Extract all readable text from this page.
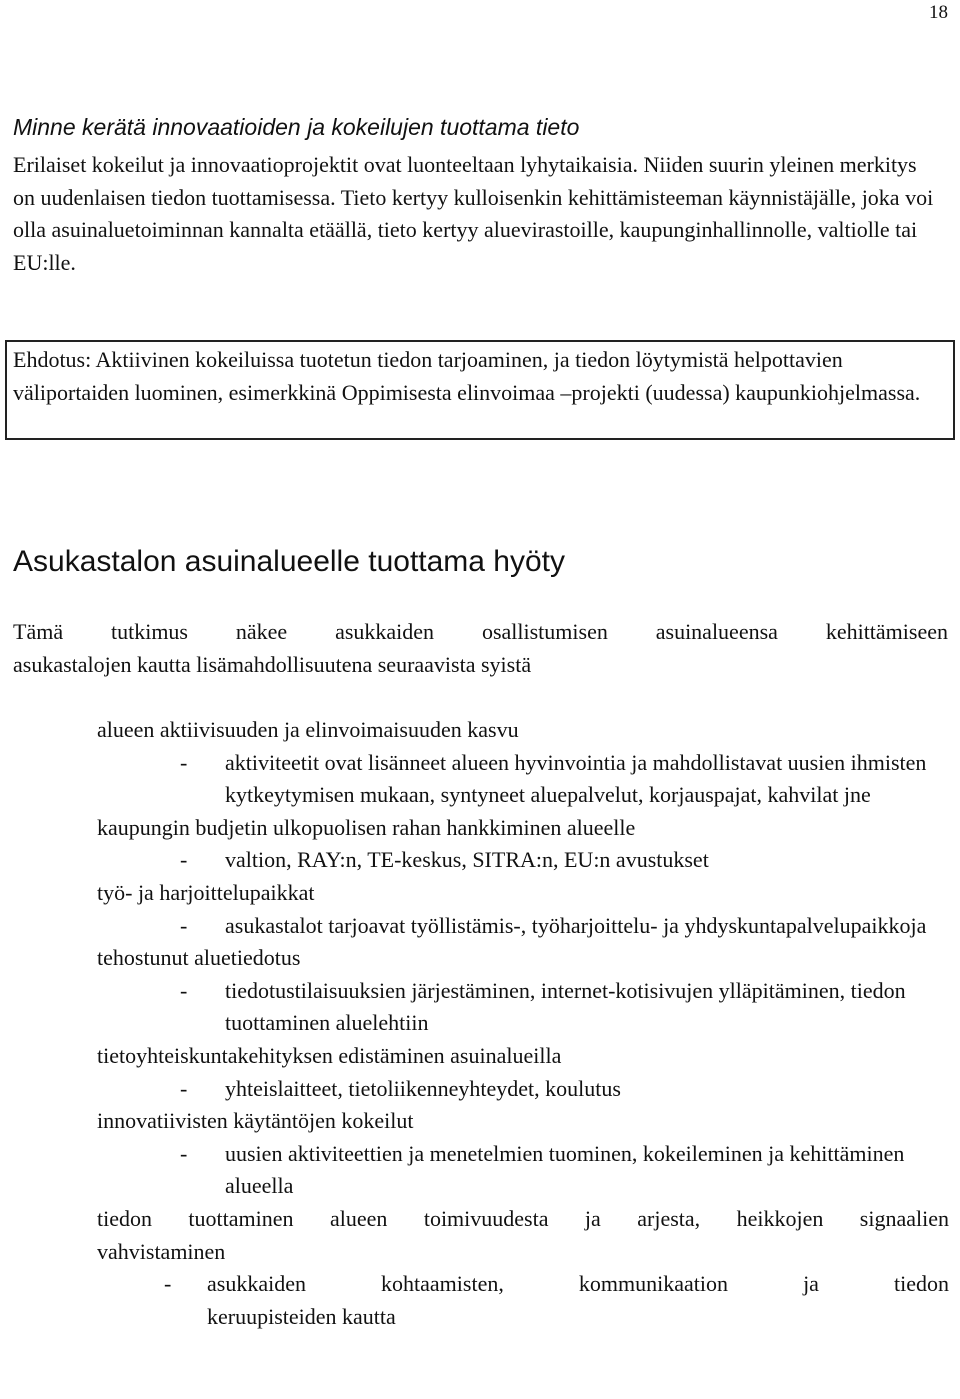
18
Minne kerätä innovaatioiden ja kokeilujen tuottama tieto
Erilaiset kokeilut ja innovaatioprojektit ovat luonteeltaan lyhytaikaisia. Niiden suurin yleinen merkitys on uudenlaisen tiedon tuottamisessa. Tieto kertyy kulloisenkin kehittämisteeman käynnistäjälle, joka voi olla asuinaluetoiminnan kannalta etäällä, tieto kertyy aluevirastoille, kaupunginhallinnolle, valtiolle tai EU:lle.
Ehdotus: Aktiivinen kokeiluissa tuotetun tiedon tarjoaminen, ja tiedon löytymistä helpottavien väliportaiden luominen, esimerkkinä Oppimisesta elinvoimaa –projekti (uudessa) kaupunkiohjelmassa.
Asukastalon asuinalueelle tuottama hyöty
Tämä tutkimus näkee asukkaiden osallistumisen asuinalueensa kehittämiseen
asukastalojen kautta lisämahdollisuutena seuraavista syistä
alueen aktiivisuuden ja elinvoimaisuuden kasvu
-	aktiviteetit ovat lisänneet alueen hyvinvointia ja mahdollistavat uusien ihmisten kytkeytymisen mukaan, syntyneet aluepalvelut, korjauspajat, kahvilat jne
kaupungin budjetin ulkopuolisen rahan hankkiminen alueelle
-	valtion, RAY:n, TE-keskus, SITRA:n, EU:n avustukset
työ- ja harjoittelupaikkat
-	asukastalot tarjoavat työllistämis-, työharjoittelu- ja yhdyskuntapalvelupaikkoja
tehostunut aluetiedotus
-	tiedotustilaisuuksien järjestäminen, internet-kotisivujen ylläpitäminen, tiedon tuottaminen aluelehtiin
tietoyhteiskuntakehityksen edistäminen asuinalueilla
-	yhteislaitteet, tietoliikenneyhteydet, koulutus
innovatiivisten käytäntöjen kokeilut
-	uusien aktiviteettien ja menetelmien tuominen, kokeileminen ja kehittäminen alueella
tiedon tuottaminen alueen toimivuudesta ja arjesta, heikkojen signaalien
vahvistaminen
-	asukkaiden kohtaamisten, kommunikaation ja tiedon
keruupisteiden kautta
